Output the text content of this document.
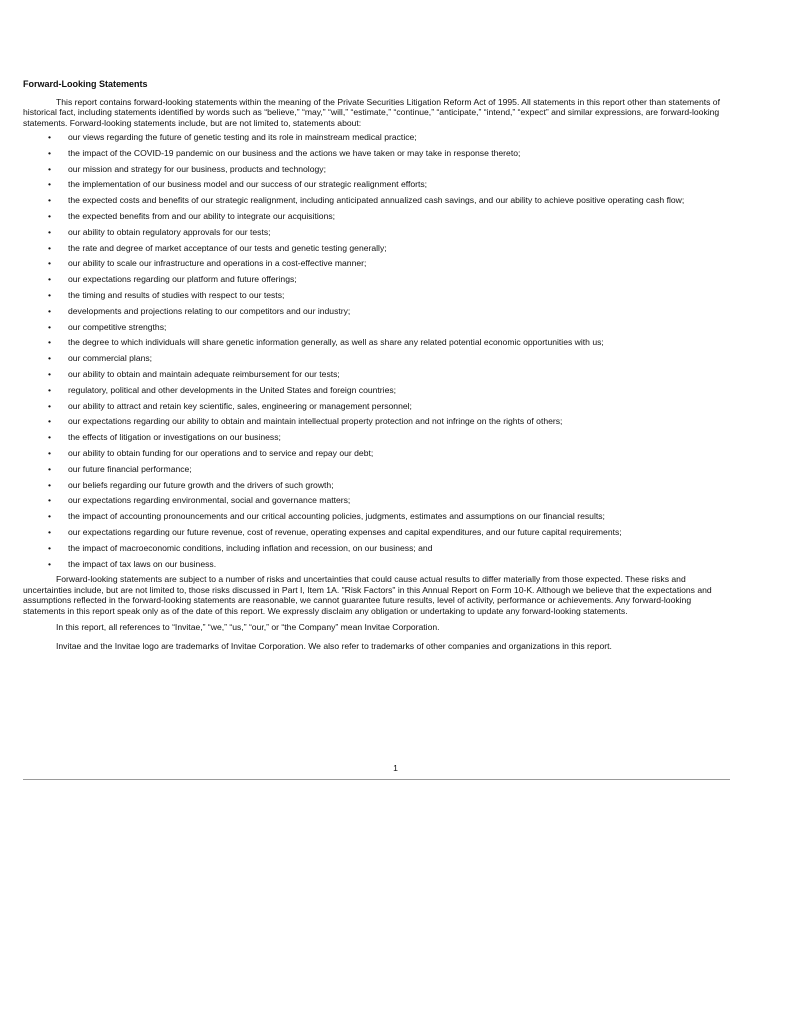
Forward-Looking Statements

This report contains forward-looking statements within the meaning of the Private Securities Litigation Reform Act of 1995. All statements in this report other than statements of historical fact, including statements identified by words such as “believe,” “may,” “will,” “estimate,” “continue,” “anticipate,” “intend,” “expect” and similar expressions, are forward-looking statements. Forward-looking statements include, but are not limited to, statements about:

• our views regarding the future of genetic testing and its role in mainstream medical practice;
• the impact of the COVID-19 pandemic on our business and the actions we have taken or may take in response thereto;
• our mission and strategy for our business, products and technology;
• the implementation of our business model and our success of our strategic realignment efforts;
• the expected costs and benefits of our strategic realignment, including anticipated annualized cash savings, and our ability to achieve positive operating cash flow;
• the expected benefits from and our ability to integrate our acquisitions;
• our ability to obtain regulatory approvals for our tests;
• the rate and degree of market acceptance of our tests and genetic testing generally;
• our ability to scale our infrastructure and operations in a cost-effective manner;
• our expectations regarding our platform and future offerings;
• the timing and results of studies with respect to our tests;
• developments and projections relating to our competitors and our industry;
• our competitive strengths;
• the degree to which individuals will share genetic information generally, as well as share any related potential economic opportunities with us;
• our commercial plans;
• our ability to obtain and maintain adequate reimbursement for our tests;
• regulatory, political and other developments in the United States and foreign countries;
• our ability to attract and retain key scientific, sales, engineering or management personnel;
• our expectations regarding our ability to obtain and maintain intellectual property protection and not infringe on the rights of others;
• the effects of litigation or investigations on our business;
• our ability to obtain funding for our operations and to service and repay our debt;
• our future financial performance;
• our beliefs regarding our future growth and the drivers of such growth;
• our expectations regarding environmental, social and governance matters;
• the impact of accounting pronouncements and our critical accounting policies, judgments, estimates and assumptions on our financial results;
• our expectations regarding our future revenue, cost of revenue, operating expenses and capital expenditures, and our future capital requirements;
• the impact of macroeconomic conditions, including inflation and recession, on our business; and
• the impact of tax laws on our business.

Forward-looking statements are subject to a number of risks and uncertainties that could cause actual results to differ materially from those expected. These risks and uncertainties include, but are not limited to, those risks discussed in Part I, Item 1A. "Risk Factors" in this Annual Report on Form 10-K. Although we believe that the expectations and assumptions reflected in the forward-looking statements are reasonable, we cannot guarantee future results, level of activity, performance or achievements. Any forward-looking statements in this report speak only as of the date of this report. We expressly disclaim any obligation or undertaking to update any forward-looking statements.

In this report, all references to “Invitae,” “we,” “us,” “our,” or “the Company” mean Invitae Corporation.

Invitae and the Invitae logo are trademarks of Invitae Corporation. We also refer to trademarks of other companies and organizations in this report.

1
